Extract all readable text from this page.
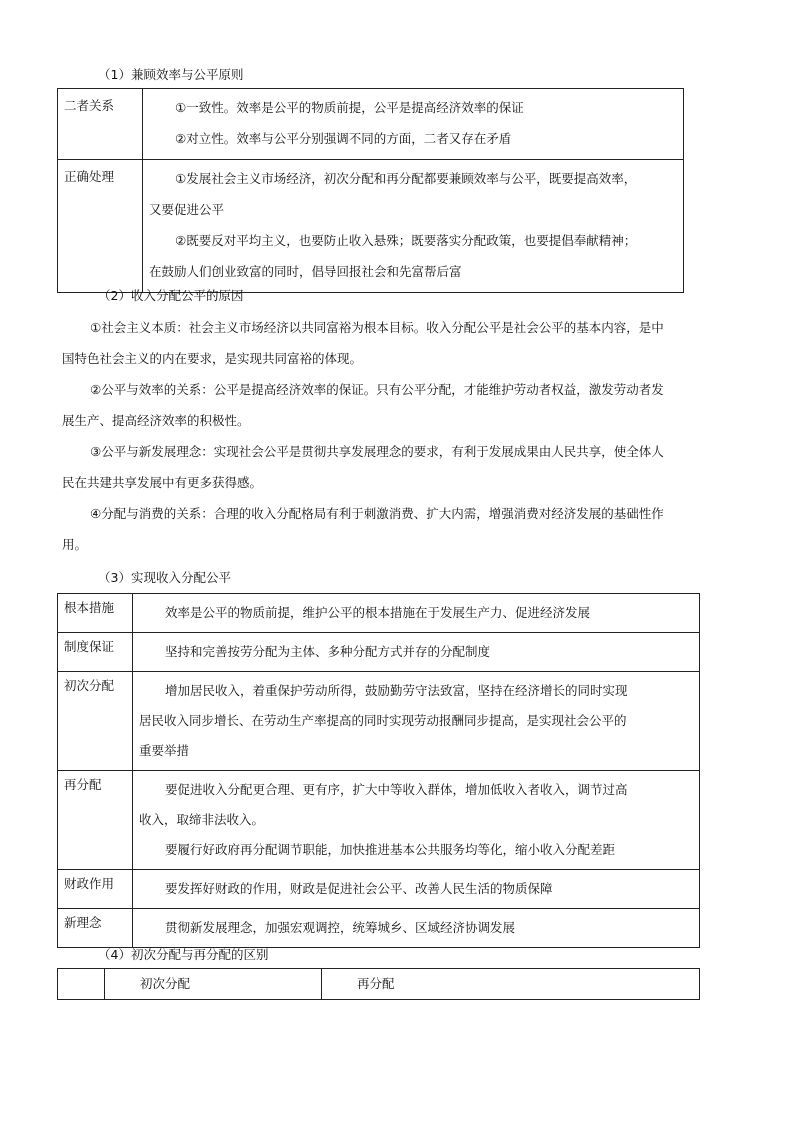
（1）兼顾效率与公平原则
二者关系	①一致性。效率是公平的物质前提，公平是提高经济效率的保证
②对立性。效率与公平分别强调不同的方面，二者又存在矛盾

正确处理	①发展社会主义市场经济，初次分配和再分配都要兼顾效率与公平，既要提高效率，
又要促进公平
②既要反对平均主义，也要防止收入悬殊；既要落实分配政策，也要提倡奉献精神；
在鼓励人们创业致富的同时，倡导回报社会和先富帮后富
（2）收入分配公平的原因
①社会主义本质：社会主义市场经济以共同富裕为根本目标。收入分配公平是社会公平的基本内容，是中
国特色社会主义的内在要求，是实现共同富裕的体现。
②公平与效率的关系：公平是提高经济效率的保证。只有公平分配，才能维护劳动者权益，激发劳动者发
展生产、提高经济效率的积极性。
③公平与新发展理念：实现社会公平是贯彻共享发展理念的要求，有利于发展成果由人民共享，使全体人
民在共建共享发展中有更多获得感。
④分配与消费的关系：合理的收入分配格局有利于刺激消费、扩大内需，增强消费对经济发展的基础性作
用。
（3）实现收入分配公平
根本措施	效率是公平的物质前提，维护公平的根本措施在于发展生产力、促进经济发展

制度保证	坚持和完善按劳分配为主体、多种分配方式并存的分配制度

初次分配	增加居民收入，着重保护劳动所得，鼓励勤劳守法致富，坚持在经济增长的同时实现
居民收入同步增长、在劳动生产率提高的同时实现劳动报酬同步提高，是实现社会公平的
重要举措

再分配	要促进收入分配更合理、更有序，扩大中等收入群体，增加低收入者收入，调节过高
收入，取缔非法收入。
要履行好政府再分配调节职能，加快推进基本公共服务均等化，缩小收入分配差距

财政作用	要发挥好财政的作用，财政是促进社会公平、改善人民生活的物质保障

新理念	贯彻新发展理念，加强宏观调控，统筹城乡、区域经济协调发展
（4）初次分配与再分配的区别
	初次分配	再分配
